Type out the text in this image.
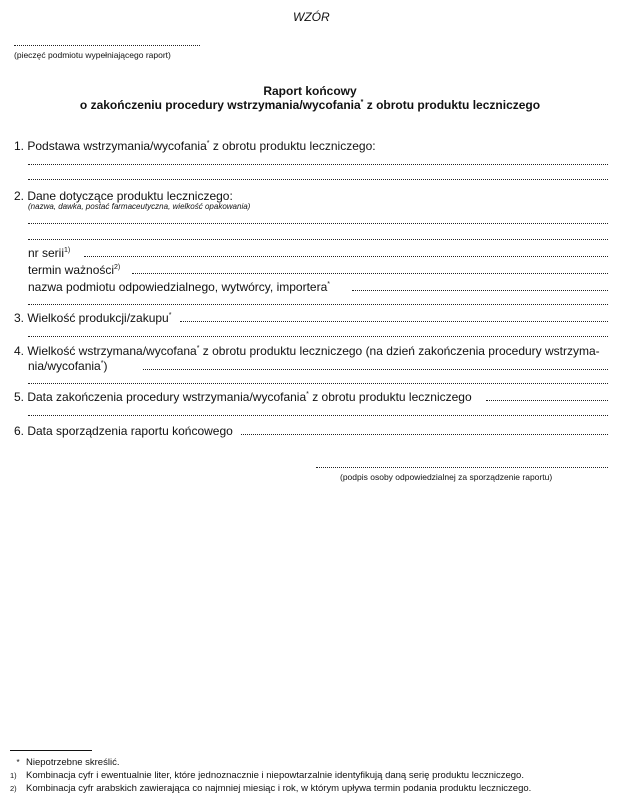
WZÓR
(pieczęć podmiotu wypełniającego raport)
Raport końcowy
o zakończeniu procedury wstrzymania/wycofania* z obrotu produktu leczniczego
1. Podstawa wstrzymania/wycofania* z obrotu produktu leczniczego:
2. Dane dotyczące produktu leczniczego:
(nazwa, dawka, postać farmaceutyczna, wielkość opakowania)
nr serii$^{1)}$
termin ważności$^{2)}$
nazwa podmiotu odpowiedzialnego, wytwórcy, importera*
3. Wielkość produkcji/zakupu*
4. Wielkość wstrzymana/wycofana* z obrotu produktu leczniczego (na dzień zakończenia procedury wstrzyma-
nia/wycofania*)
5. Data zakończenia procedury wstrzymania/wycofania* z obrotu produktu leczniczego
6. Data sporządzenia raportu końcowego
(podpis osoby odpowiedzialnej za sporządzenie raportu)
* Niepotrzebne skreślić.
1) Kombinacja cyfr i ewentualnie liter, które jednoznacznie i niepowtarzalnie identyfikują daną serię produktu leczniczego.
2) Kombinacja cyfr arabskich zawierająca co najmniej miesiąc i rok, w którym upływa termin podania produktu leczniczego.
